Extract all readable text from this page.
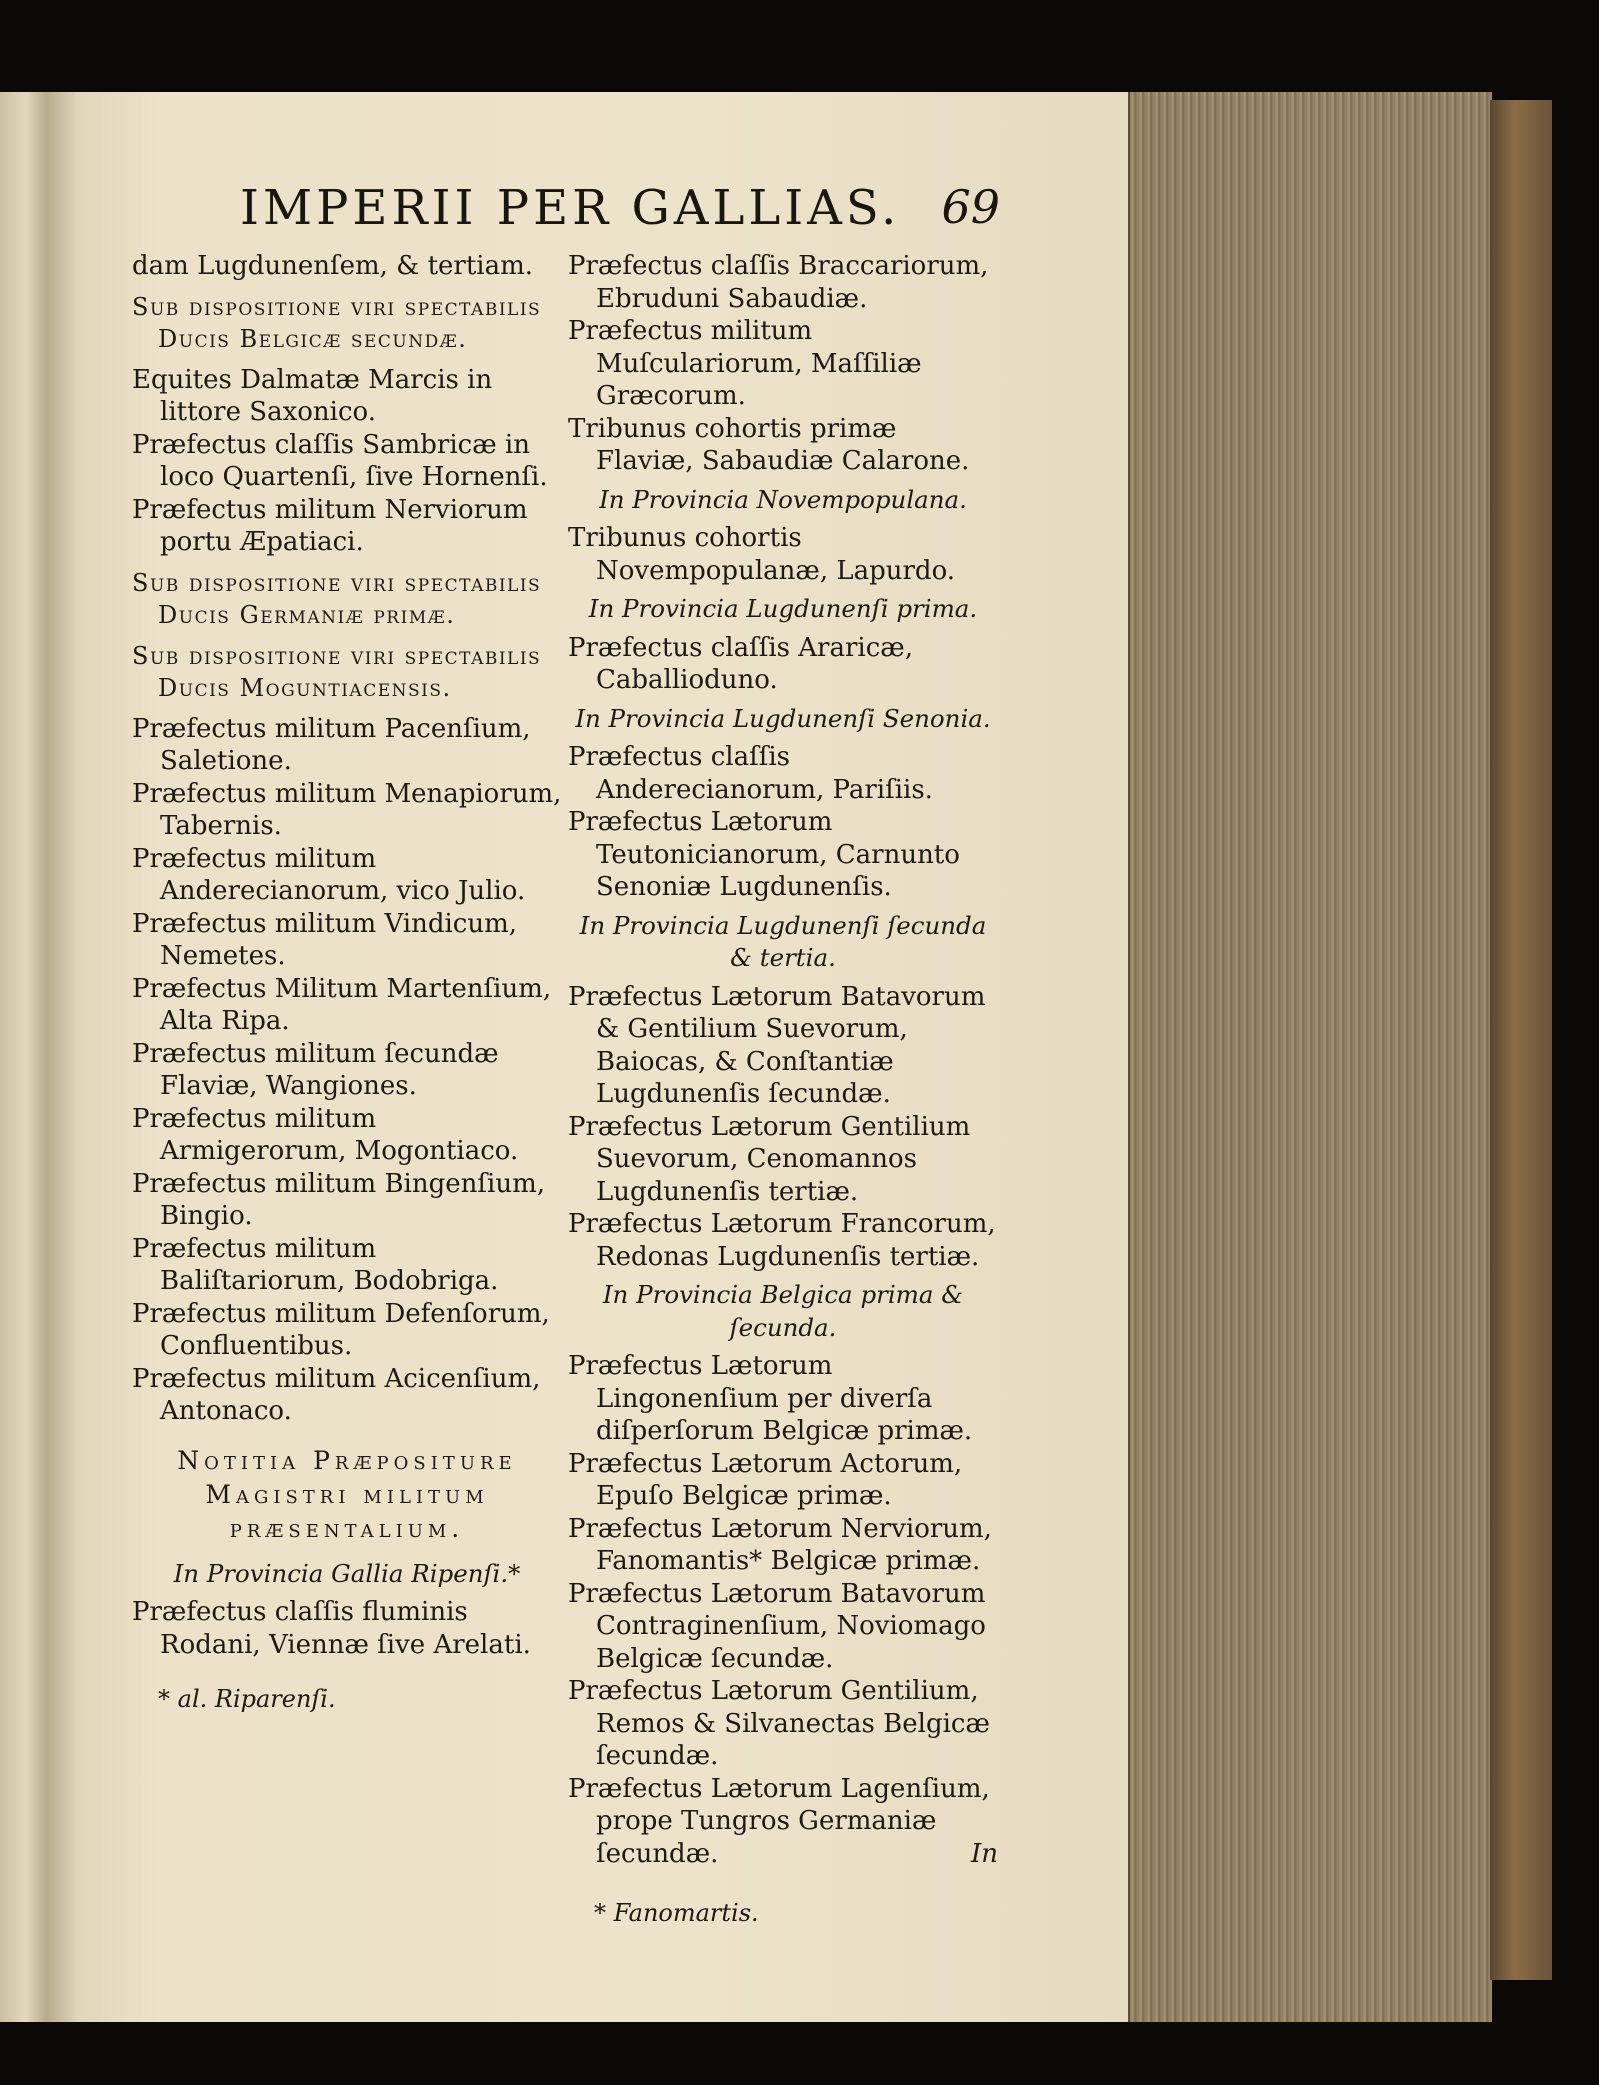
IMPERII PER GALLIAS. 69

dam Lugdunenſem, & tertiam.

Sub dispositione viri spectabilis Ducis Belgicæ secundæ.

Equites Dalmatæ Marcis in littore Saxonico.

Præfectus claſſis Sambricæ in loco Quartenſi, ſive Hornenſi.

Præfectus militum Nerviorum portu Æpatiaci.

Sub dispositione viri spectabilis Ducis Germaniæ primæ.

Sub dispositione viri spectabilis Ducis Moguntiacensis.

Præfectus militum Pacenſium, Saletione.

Præfectus militum Menapiorum, Tabernis.

Præfectus militum Anderecianorum, vico Julio.

Præfectus militum Vindicum, Nemetes.

Præfectus Militum Martenſium, Alta Ripa.

Præfectus militum ſecundæ Flaviæ, Wangiones.

Præfectus militum Armigerorum, Mogontiaco.

Præfectus militum Bingenſium, Bingio.

Præfectus militum Baliſtariorum, Bodobriga.

Præfectus militum Defenſorum, Confluentibus.

Præfectus militum Acicenſium, Antonaco.

Notitia Præpositure Magistri militum præsentalium.

In Provincia Gallia Ripenſi.*

Præfectus claſſis fluminis Rodani, Viennæ ſive Arelati.

* al. Riparenſi.

Præfectus claſſis Braccariorum, Ebruduni Sabaudiæ.

Præfectus militum Muſculariorum, Maſſiliæ Græcorum.

Tribunus cohortis primæ Flaviæ, Sabaudiæ Calarone.

In Provincia Novempopulana.

Tribunus cohortis Novempopulanæ, Lapurdo.

In Provincia Lugdunenſi prima.

Præfectus claſſis Araricæ, Caballioduno.

In Provincia Lugdunenſi Senonia.

Præfectus claſſis Anderecianorum, Pariſiis.

Præfectus Lætorum Teutonicianorum, Carnunto Senoniæ Lugdunenſis.

In Provincia Lugdunenſi ſecunda & tertia.

Præfectus Lætorum Batavorum & Gentilium Suevorum, Baiocas, & Conſtantiæ Lugdunenſis ſecundæ.

Præfectus Lætorum Gentilium Suevorum, Cenomannos Lugdunenſis tertiæ.

Præfectus Lætorum Francorum, Redonas Lugdunenſis tertiæ.

In Provincia Belgica prima & ſecunda.

Præfectus Lætorum Lingonenſium per diverſa diſperſorum Belgicæ primæ.

Præfectus Lætorum Actorum, Epuſo Belgicæ primæ.

Præfectus Lætorum Nerviorum, Fanomantis* Belgicæ primæ.

Præfectus Lætorum Batavorum Contraginenſium, Noviomago Belgicæ ſecundæ.

Præfectus Lætorum Gentilium, Remos & Silvanectas Belgicæ ſecundæ.

Præfectus Lætorum Lagenſium, prope Tungros Germaniæ ſecundæ.	In

* Fanomartis.
